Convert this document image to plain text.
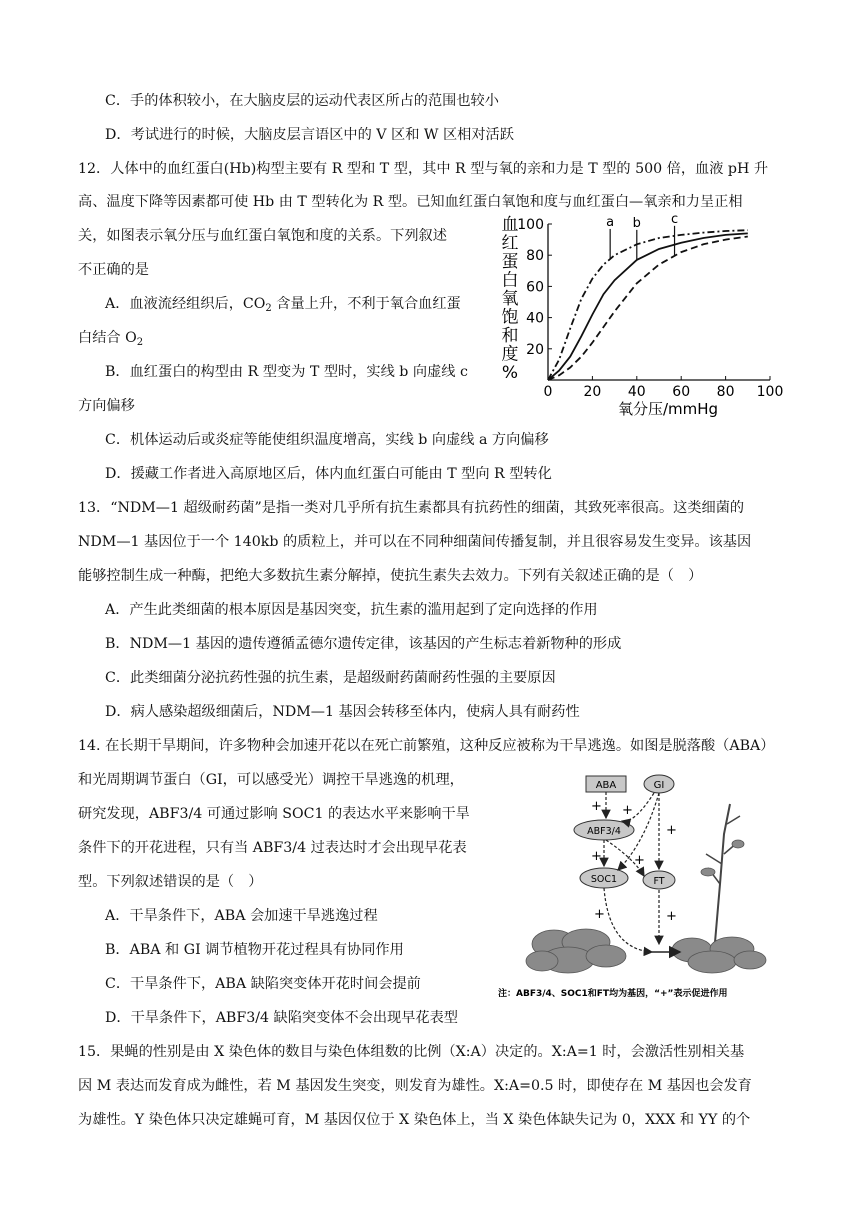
C．手的体积较小，在大脑皮层的运动代表区所占的范围也较小
D．考试进行的时候，大脑皮层言语区中的 V 区和 W 区相对活跃
12．人体中的血红蛋白(Hb)构型主要有 R 型和 T 型，其中 R 型与氧的亲和力是 T 型的 500 倍，血液 pH 升
高、温度下降等因素都可使 Hb 由 T 型转化为 R 型。已知血红蛋白氧饱和度与血红蛋白—氧亲和力呈正相
关，如图表示氧分压与血红蛋白氧饱和度的关系。下列叙述
不正确的是
A．血液流经组织后，$CO_2$ 含量上升，不利于氧合血红蛋
白结合 $O_2$
B．血红蛋白的构型由 R 型变为 T 型时，实线 b 向虚线 c
方向偏移
C．机体运动后或炎症等能使组织温度增高，实线 b 向虚线 a 方向偏移
D．援藏工作者进入高原地区后，体内血红蛋白可能由 T 型向 R 型转化
0 20 40 60 80 100
20
40
60
80
100	a b c
血红蛋白氧饱和度%
氧分压/mmHg
13．“NDM—1 超级耐药菌”是指一类对几乎所有抗生素都具有抗药性的细菌，其致死率很高。这类细菌的
NDM—1 基因位于一个 140kb 的质粒上，并可以在不同种细菌间传播复制，并且很容易发生变异。该基因
能够控制生成一种酶，把绝大多数抗生素分解掉，使抗生素失去效力。下列有关叙述正确的是（　）
A．产生此类细菌的根本原因是基因突变，抗生素的滥用起到了定向选择的作用
B．NDM—1 基因的遗传遵循孟德尔遗传定律，该基因的产生标志着新物种的形成
C．此类细菌分泌抗药性强的抗生素，是超级耐药菌耐药性强的主要原因
D．病人感染超级细菌后，NDM—1 基因会转移至体内，使病人具有耐药性
14. 在长期干旱期间，许多物种会加速开花以在死亡前繁殖，这种反应被称为干旱逃逸。如图是脱落酸（ABA）
和光周期调节蛋白（GI，可以感受光）调控干旱逃逸的机理，
研究发现，ABF3/4 可通过影响 SOC1 的表达水平来影响干旱
条件下的开花进程，只有当 ABF3/4 过表达时才会出现早花表
型。下列叙述错误的是（　）
A．干旱条件下，ABA 会加速干旱逃逸过程
B．ABA 和 GI 调节植物开花过程具有协同作用
C．干旱条件下，ABA 缺陷突变体开花时间会提前
D．干旱条件下，ABF3/4 缺陷突变体不会出现早花表型
ABA	GI
ABF3/4
SOC1	FT
+ +
+
+ +
+	+
注：ABF3/4、SOC1和FT均为基因，“+”表示促进作用
15．果蝇的性别是由 X 染色体的数目与染色体组数的比例（X:A）决定的。X:A=1 时，会激活性别相关基
因 M 表达而发育成为雌性，若 M 基因发生突变，则发育为雄性。X:A=0.5 时，即使存在 M 基因也会发育
为雄性。Y 染色体只决定雄蝇可育，M 基因仅位于 X 染色体上，当 X 染色体缺失记为 0，XXX 和 YY 的个
